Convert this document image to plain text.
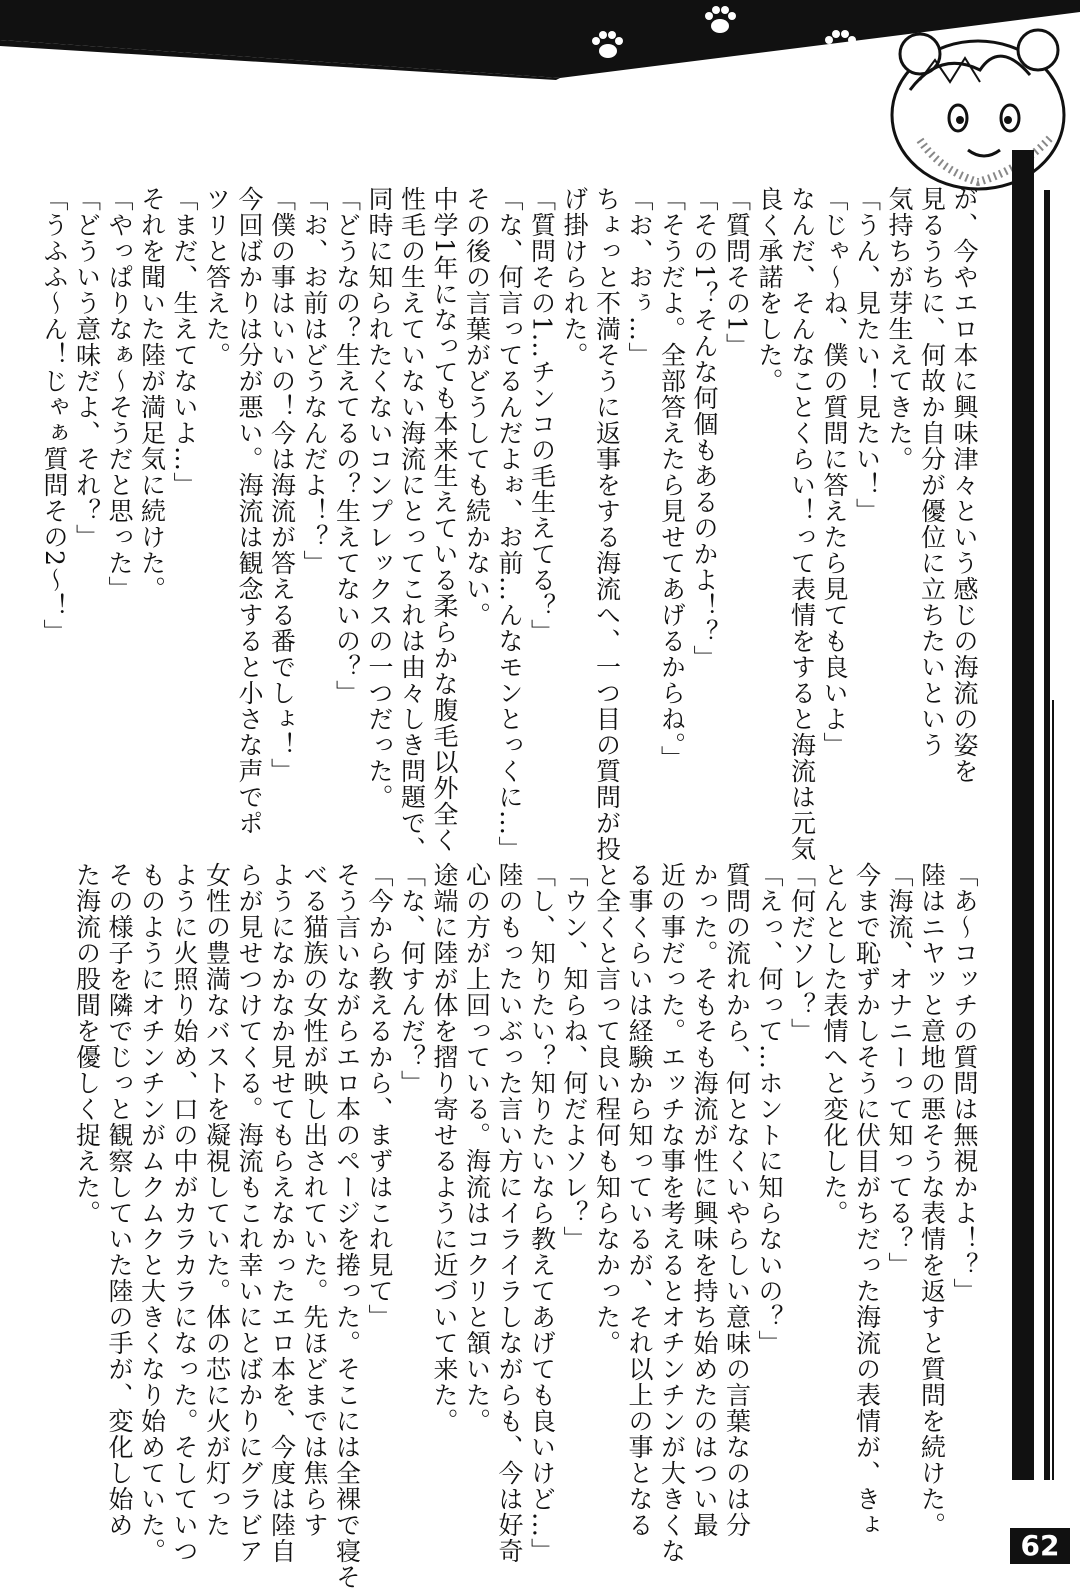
が、今やエロ本に興味津々という感じの海流の姿を

見るうちに、何故か自分が優位に立ちたいという

気持ちが芽生えてきた。

「うん、見たい！見たい！」

「じゃ～ね、僕の質問に答えたら見ても良いよ」

なんだ、そんなことくらい！って表情をすると海流は元気

良く承諾をした。

「質問その1」

「その1？そんな何個もあるのかよ！？」

「そうだよ。全部答えたら見せてあげるからね。」

「お、おぅ…」

ちょっと不満そうに返事をする海流へ、一つ目の質問が投

げ掛けられた。

「質問その1…チンコの毛生えてる？」

「な、何言ってるんだよぉ、お前…んなモンとっくに…」

その後の言葉がどうしても続かない。

中学1年になっても本来生えている柔らかな腹毛以外全く

性毛の生えていない海流にとってこれは由々しき問題で、

同時に知られたくないコンプレックスの一つだった。

「どうなの？生えてるの？生えてないの？」

「お、お前はどうなんだよ！？」

「僕の事はいいの！今は海流が答える番でしょ！」

今回ばかりは分が悪い。海流は観念すると小さな声でポ

ツリと答えた。

「まだ、生えてないよ…」

それを聞いた陸が満足気に続けた。

「やっぱりなぁ～そうだと思った」

「どういう意味だよ、それ？」

「うふふ～ん！じゃぁ質問その2～！」

「あ～コッチの質問は無視かよ！？」

陸はニヤッと意地の悪そうな表情を返すと質問を続けた。

「海流、オナニーって知ってる？」

今まで恥ずかしそうに伏目がちだった海流の表情が、きょ

とんとした表情へと変化した。

「何だソレ？」

「えっ、何って…ホントに知らないの？」

質問の流れから、何となくいやらしい意味の言葉なのは分

かった。そもそも海流が性に興味を持ち始めたのはつい最

近の事だった。エッチな事を考えるとオチンチンが大きくな

る事くらいは経験から知っているが、それ以上の事となる

と全くと言って良い程何も知らなかった。

「ウン、知らね、何だよソレ？」

「し、知りたい？知りたいなら教えてあげても良いけど…」

陸のもったいぶった言い方にイライラしながらも、今は好奇

心の方が上回っている。海流はコクリと頷いた。

途端に陸が体を摺り寄せるように近づいて来た。

「な、何すんだ？」

「今から教えるから、まずはこれ見て」

そう言いながらエロ本のページを捲った。そこには全裸で寝そ

べる猫族の女性が映し出されていた。先ほどまでは焦らす

ようになかなか見せてもらえなかったエロ本を、今度は陸自

らが見せつけてくる。海流もこれ幸いにとばかりにグラビア

女性の豊満なバストを凝視していた。体の芯に火が灯った

ように火照り始め、口の中がカラカラになった。そしていつ

ものようにオチンチンがムクムクと大きくなり始めていた。

その様子を隣でじっと観察していた陸の手が、変化し始め

た海流の股間を優しく捉えた。

62
